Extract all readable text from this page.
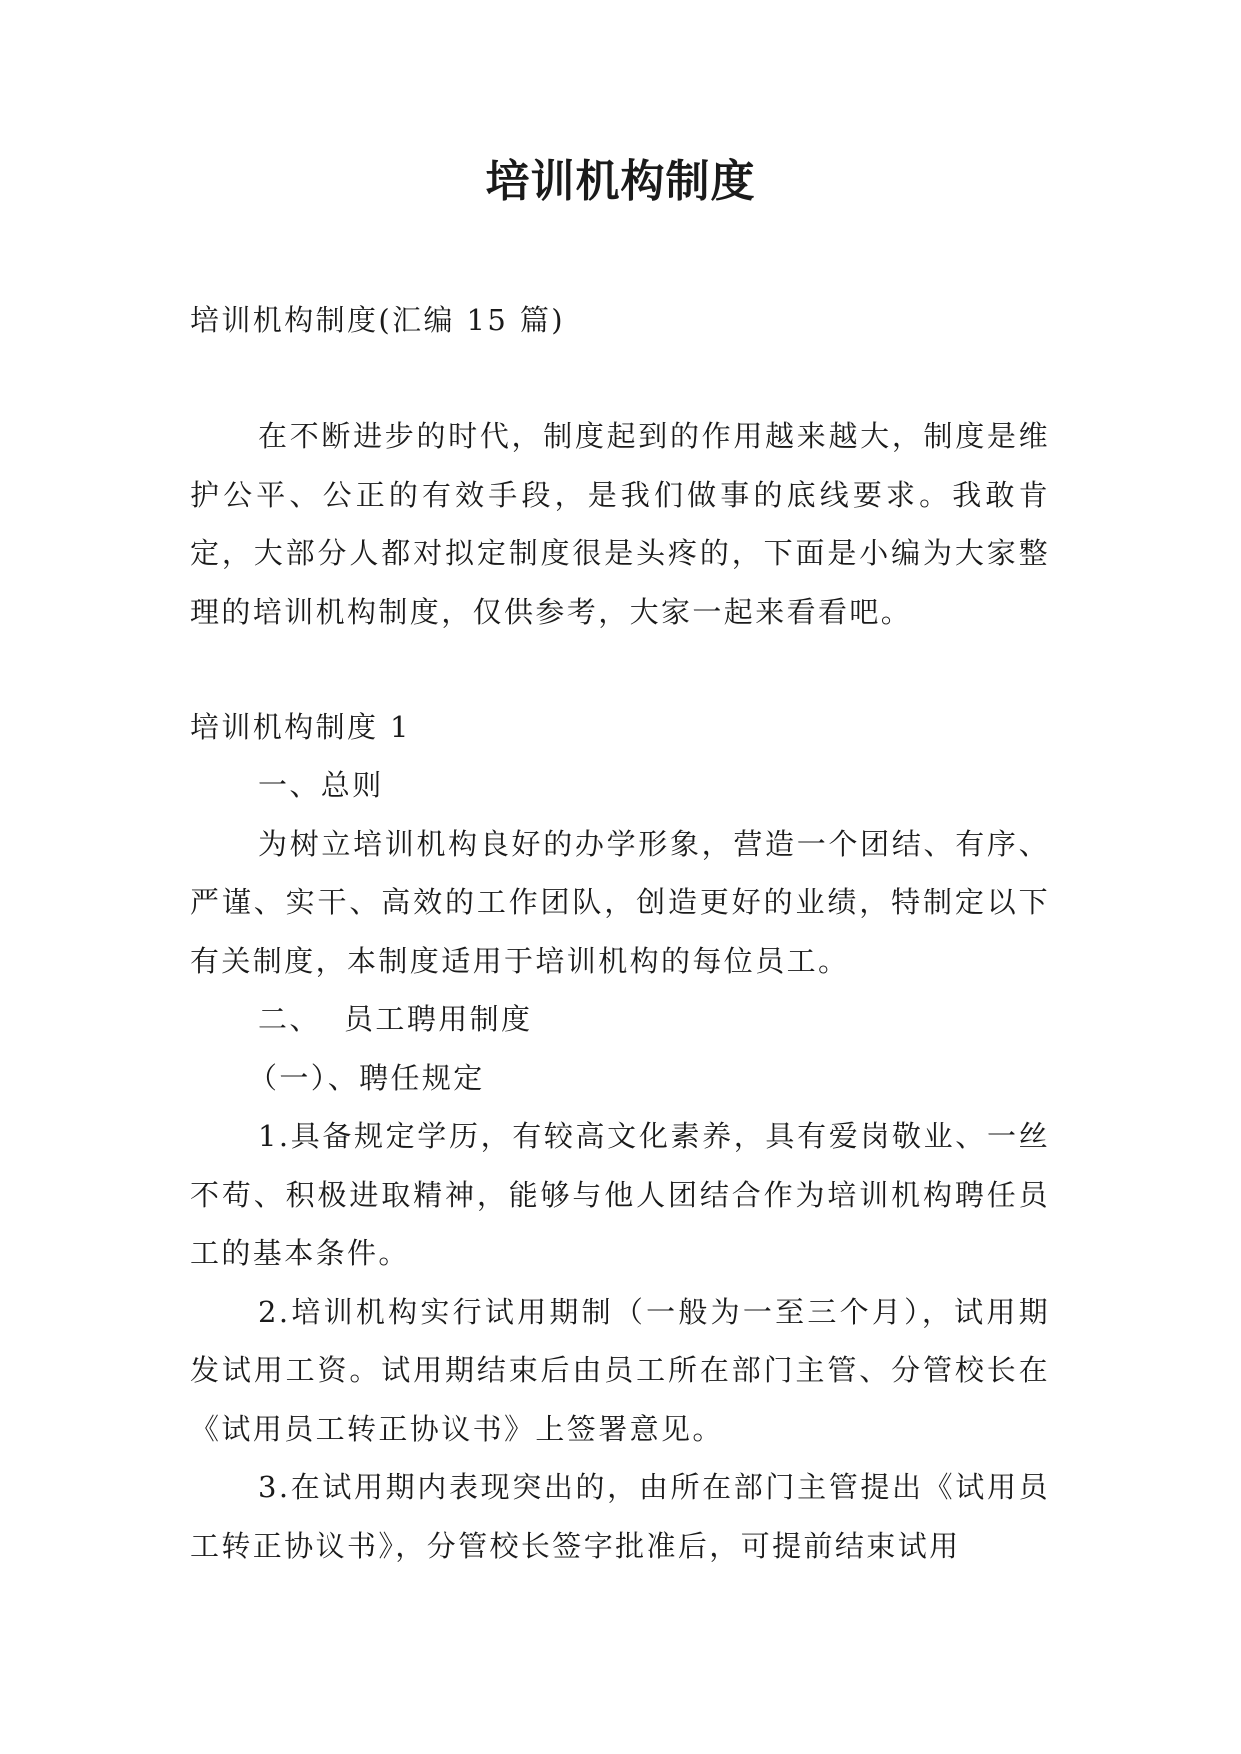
培训机构制度

培训机构制度(汇编 15 篇)

在不断进步的时代，制度起到的作用越来越大，制度是维护公平、公正的有效手段，是我们做事的底线要求。我敢肯定，大部分人都对拟定制度很是头疼的，下面是小编为大家整理的培训机构制度，仅供参考，大家一起来看看吧。

培训机构制度 1

一、总则

为树立培训机构良好的办学形象，营造一个团结、有序、严谨、实干、高效的工作团队，创造更好的业绩，特制定以下有关制度，本制度适用于培训机构的每位员工。

二、  员工聘用制度

（一）、聘任规定

1.具备规定学历，有较高文化素养，具有爱岗敬业、一丝不苟、积极进取精神，能够与他人团结合作为培训机构聘任员工的基本条件。

2.培训机构实行试用期制（一般为一至三个月），试用期发试用工资。试用期结束后由员工所在部门主管、分管校长在《试用员工转正协议书》上签署意见。

3.在试用期内表现突出的，由所在部门主管提出《试用员工转正协议书》，分管校长签字批准后，可提前结束试用
